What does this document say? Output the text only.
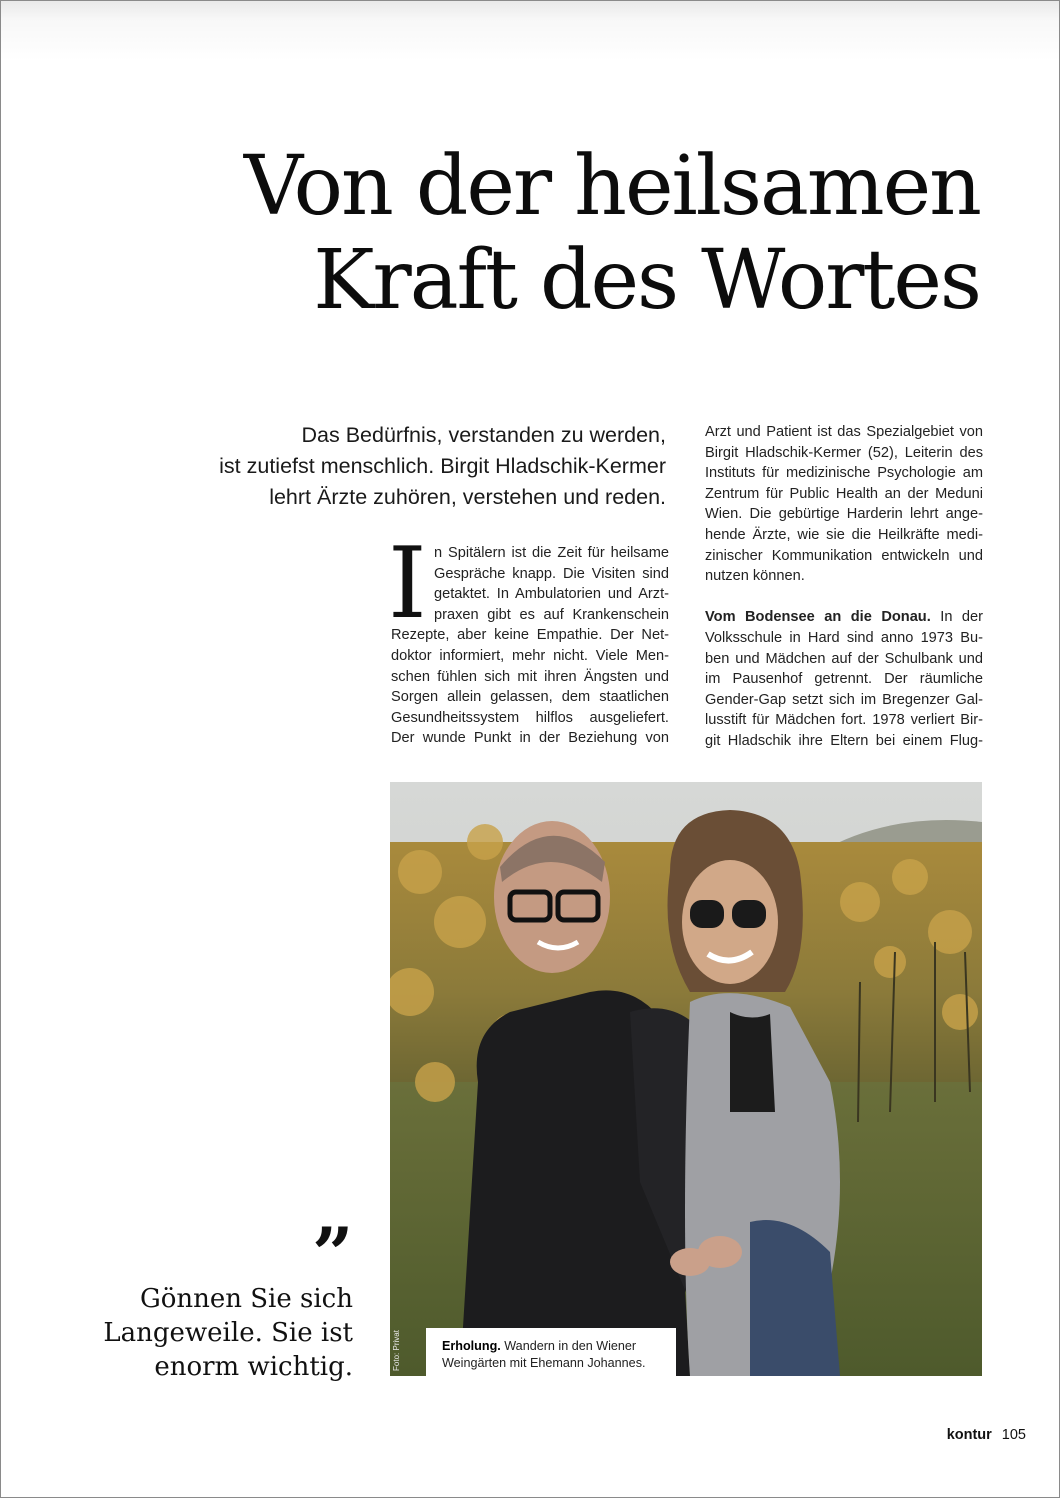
Von der heilsamen
Kraft des Wortes
Das Bedürfnis, verstanden zu werden,
ist zutiefst menschlich. Birgit Hladschik-Kermer
lehrt Ärzte zuhören, verstehen und reden.
I n Spitälern ist die Zeit für heilsame
Gespräche knapp. Die Visiten sind
getaktet. In Ambulatorien und Arzt-
praxen gibt es auf Krankenschein
Rezepte, aber keine Empathie. Der Net-
doktor informiert, mehr nicht. Viele Men-
schen fühlen sich mit ihren Ängsten und
Sorgen allein gelassen, dem staatlichen
Gesundheitssystem hilflos ausgeliefert.
Der wunde Punkt in der Beziehung von
Arzt und Patient ist das Spezialgebiet von
Birgit Hladschik-Kermer (52), Leiterin des
Instituts für medizinische Psychologie am
Zentrum für Public Health an der Meduni
Wien. Die gebürtige Harderin lehrt ange-
hende Ärzte, wie sie die Heilkräfte medi-
zinischer Kommunikation entwickeln und
nutzen können.
Vom Bodensee an die Donau. In der
Volksschule in Hard sind anno 1973 Bu-
ben und Mädchen auf der Schulbank und
im Pausenhof getrennt. Der räumliche
Gender-Gap setzt sich im Bregenzer Gal-
lusstift für Mädchen fort. 1978 verliert Bir-
git Hladschik ihre Eltern bei einem Flug-
Foto: Privat	Erholung. Wandern in den Wiener
Weingärten mit Ehemann Johannes.
”
Gönnen Sie sich
Langeweile. Sie ist
enorm wichtig.
kontur 105
